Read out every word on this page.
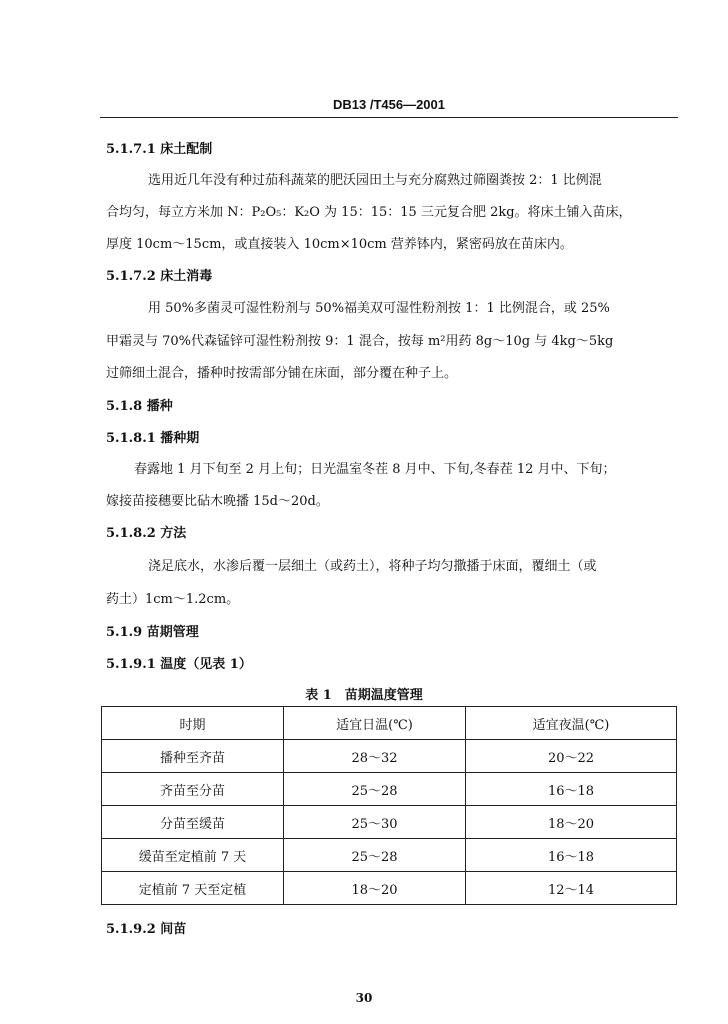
DB13 /T456—2001
5.1.7.1 床土配制
选用近几年没有种过茄科蔬菜的肥沃园田土与充分腐熟过筛圈粪按 2：1 比例混
合均匀，每立方米加 N：P₂O₅：K₂O 为 15：15：15 三元复合肥 2kg。将床土铺入苗床，
厚度 10cm～15cm，或直接装入 10cm×10cm 营养钵内，紧密码放在苗床内。
5.1.7.2 床土消毒
用 50%多菌灵可湿性粉剂与 50%福美双可湿性粉剂按 1：1 比例混合，或 25%
甲霜灵与 70%代森锰锌可湿性粉剂按 9：1 混合，按每 m²用药 8g～10g 与 4kg～5kg
过筛细土混合，播种时按需部分铺在床面，部分覆在种子上。
5.1.8 播种
5.1.8.1 播种期
春露地 1 月下旬至 2 月上旬；日光温室冬茬 8 月中、下旬,冬春茬 12 月中、下旬；
嫁接苗接穗要比砧木晚播 15d～20d。
5.1.8.2 方法
浇足底水，水渗后覆一层细土（或药土），将种子均匀撒播于床面，覆细土（或
药土）1cm～1.2cm。
5.1.9 苗期管理
5.1.9.1 温度（见表 1）
表 1　苗期温度管理
时期	适宜日温(℃)	适宜夜温(℃)
播种至齐苗	28～32	20～22
齐苗至分苗	25～28	16～18
分苗至缓苗	25～30	18～20
缓苗至定植前 7 天	25～28	16～18
定植前 7 天至定植	18～20	12～14
5.1.9.2 间苗
30
